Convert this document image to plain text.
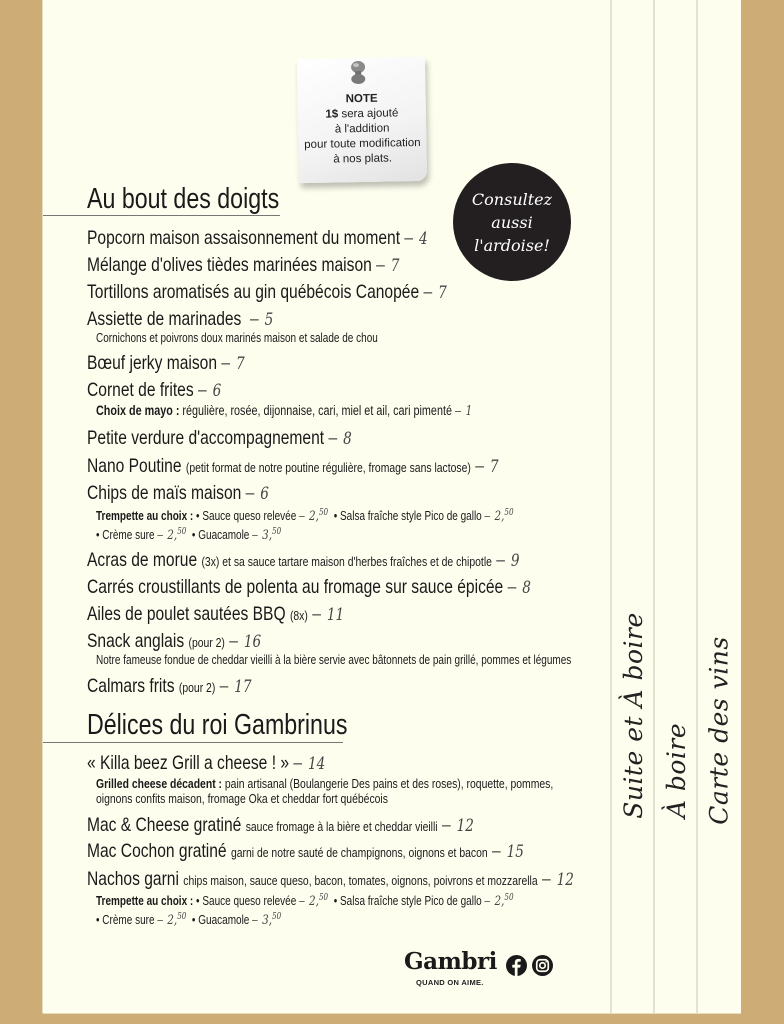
NOTE
1$ sera ajouté
à l'addition
pour toute modification
à nos plats.
Consultez
aussi
l'ardoise!
Suite et À boire À boire Carte des vins
Gambri
QUAND ON AIME.
Au bout des doigts
Popcorn maison assaisonnement du moment – 4
Mélange d'olives tièdes marinées maison – 7
Tortillons aromatisés au gin québécois Canopée – 7
Assiette de marinades – 5
Cornichons et poivrons doux marinés maison et salade de chou
Bœuf jerky maison – 7
Cornet de frites – 6
Choix de mayo : régulière, rosée, dijonnaise, cari, miel et ail, cari pimenté – 1
Petite verdure d'accompagnement – 8
Nano Poutine (petit format de notre poutine régulière, fromage sans lactose) – 7
Chips de maïs maison – 6
Trempette au choix : • Sauce queso relevée – 2,50 • Salsa fraîche style Pico de gallo – 2,50
• Crème sure – 2,50 • Guacamole – 3,50
Acras de morue (3x) et sa sauce tartare maison d'herbes fraîches et de chipotle – 9
Carrés croustillants de polenta au fromage sur sauce épicée – 8
Ailes de poulet sautées BBQ (8x) – 11
Snack anglais (pour 2) – 16
Notre fameuse fondue de cheddar vieilli à la bière servie avec bâtonnets de pain grillé, pommes et légumes
Calmars frits (pour 2) – 17
Délices du roi Gambrinus
« Killa beez Grill a cheese ! » – 14
Grilled cheese décadent : pain artisanal (Boulangerie Des pains et des roses), roquette, pommes,
oignons confits maison, fromage Oka et cheddar fort québécois
Mac & Cheese gratiné sauce fromage à la bière et cheddar vieilli – 12
Mac Cochon gratiné garni de notre sauté de champignons, oignons et bacon – 15
Nachos garni chips maison, sauce queso, bacon, tomates, oignons, poivrons et mozzarella – 12
Trempette au choix : • Sauce queso relevée – 2,50 • Salsa fraîche style Pico de gallo – 2,50
• Crème sure – 2,50 • Guacamole – 3,50
